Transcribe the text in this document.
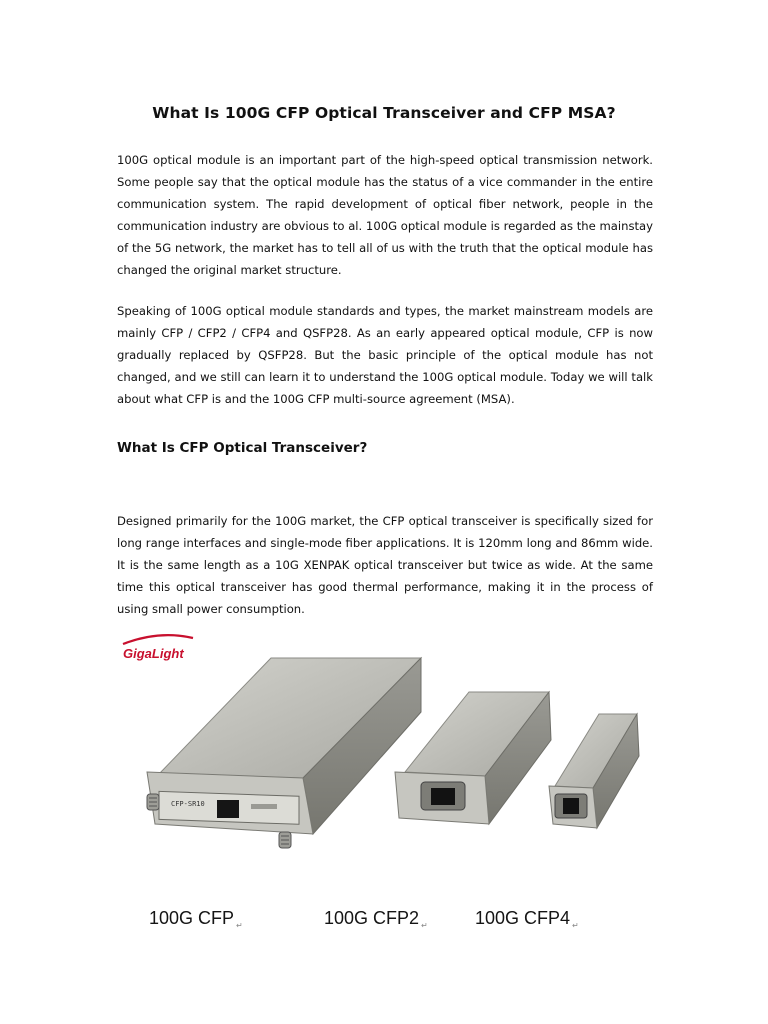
What Is 100G CFP Optical Transceiver and CFP MSA?

100G optical module is an important part of the high-speed optical transmission network. Some people say that the optical module has the status of a vice commander in the entire communication system. The rapid development of optical fiber network, people in the communication industry are obvious to al. 100G optical module is regarded as the mainstay of the 5G network, the market has to tell all of us with the truth that the optical module has changed the original market structure.

Speaking of 100G optical module standards and types, the market mainstream models are mainly CFP / CFP2 / CFP4 and QSFP28. As an early appeared optical module, CFP is now gradually replaced by QSFP28. But the basic principle of the optical module has not changed, and we still can learn it to understand the 100G optical module. Today we will talk about what CFP is and the 100G CFP multi-source agreement (MSA).

What Is CFP Optical Transceiver?

Designed primarily for the 100G market, the CFP optical transceiver is specifically sized for long range interfaces and single-mode fiber applications. It is 120mm long and 86mm wide. It is the same length as a 10G XENPAK optical transceiver but twice as wide. At the same time this optical transceiver has good thermal performance, making it in the process of using small power consumption.

GigaLight
CFP-SR10
100G CFP $_↵$	100G CFP2 $_↵$	100G CFP4 $_↵$
